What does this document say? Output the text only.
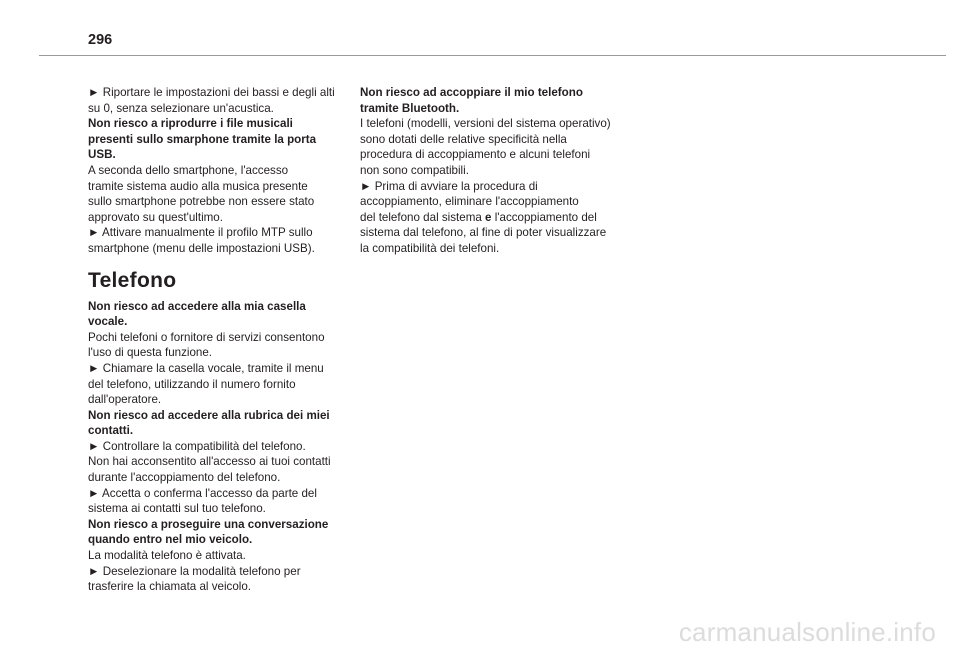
296
► Riportare le impostazioni dei bassi e degli alti
su 0, senza selezionare un'acustica.
Non riesco a riprodurre i file musicali
presenti sullo smarphone tramite la porta
USB.
A seconda dello smartphone, l'accesso
tramite sistema audio alla musica presente
sullo smartphone potrebbe non essere stato
approvato su quest'ultimo.
► Attivare manualmente il profilo MTP sullo
smartphone (menu delle impostazioni USB).
Telefono
Non riesco ad accedere alla mia casella
vocale.
Pochi telefoni o fornitore di servizi consentono
l'uso di questa funzione.
► Chiamare la casella vocale, tramite il menu
del telefono, utilizzando il numero fornito
dall'operatore.
Non riesco ad accedere alla rubrica dei miei
contatti.
► Controllare la compatibilità del telefono.
Non hai acconsentito all'accesso ai tuoi contatti
durante l'accoppiamento del telefono.
► Accetta o conferma l'accesso da parte del
sistema ai contatti sul tuo telefono.
Non riesco a proseguire una conversazione
quando entro nel mio veicolo.
La modalità telefono è attivata.
► Deselezionare la modalità telefono per
trasferire la chiamata al veicolo.
Non riesco ad accoppiare il mio telefono
tramite Bluetooth.
I telefoni (modelli, versioni del sistema operativo)
sono dotati delle relative specificità nella
procedura di accoppiamento e alcuni telefoni
non sono compatibili.
► Prima di avviare la procedura di
accoppiamento, eliminare l'accoppiamento
del telefono dal sistema e l'accoppiamento del
sistema dal telefono, al fine di poter visualizzare
la compatibilità dei telefoni.
carmanualsonline.info
